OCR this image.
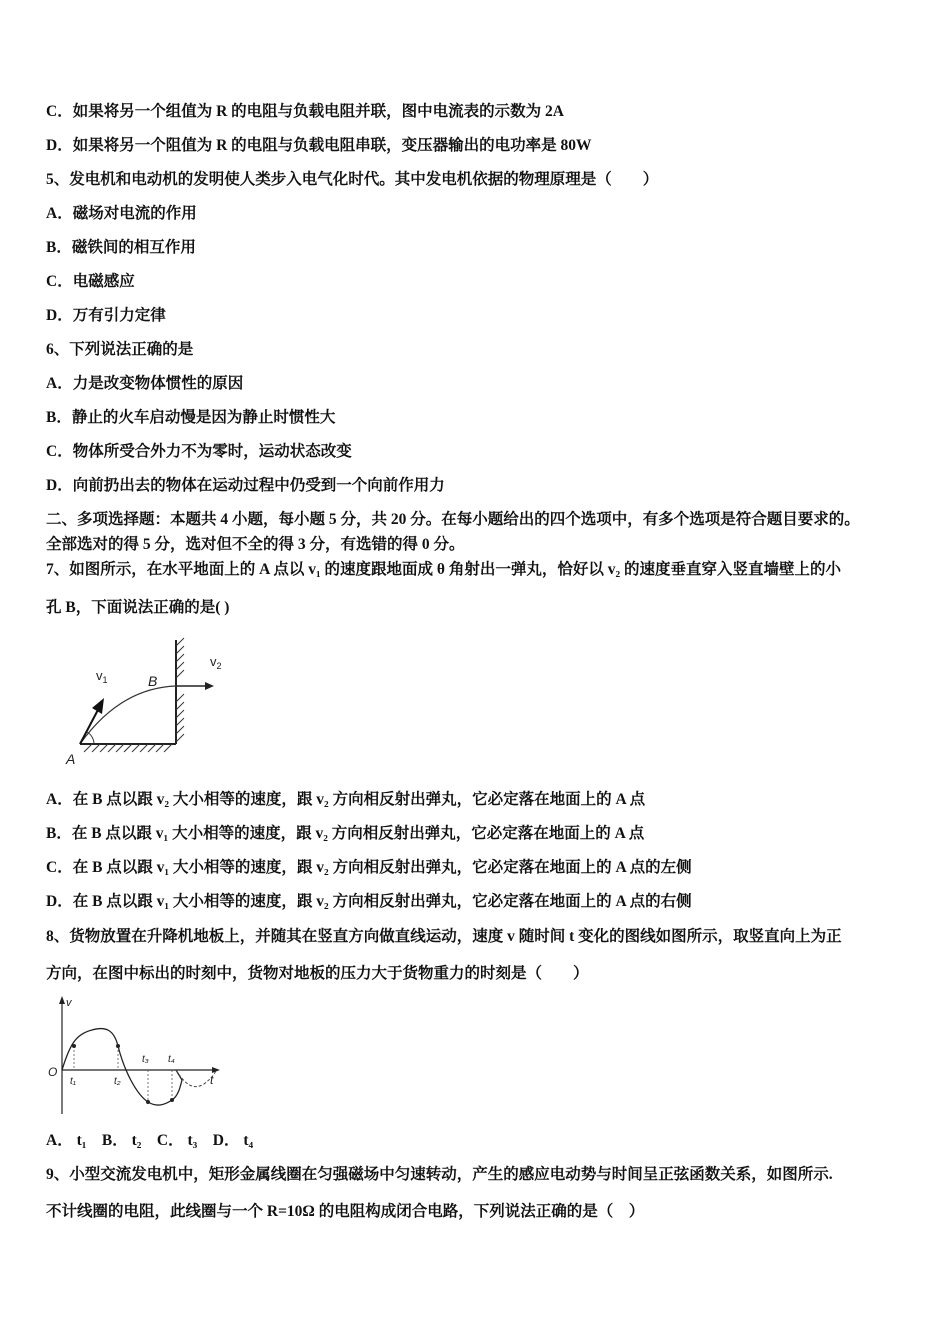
C．如果将另一个组值为 R 的电阻与负载电阻并联，图中电流表的示数为 2A
D．如果将另一个阻值为 R 的电阻与负载电阻串联，变压器输出的电功率是 80W
5、发电机和电动机的发明使人类步入电气化时代。其中发电机依据的物理原理是（　　）
A．磁场对电流的作用
B．磁铁间的相互作用
C．电磁感应
D．万有引力定律
6、下列说法正确的是
A．力是改变物体惯性的原因
B．静止的火车启动慢是因为静止时惯性大
C．物体所受合外力不为零时，运动状态改变
D．向前扔出去的物体在运动过程中仍受到一个向前作用力
二、多项选择题：本题共 4 小题，每小题 5 分，共 20 分。在每小题给出的四个选项中，有多个选项是符合题目要求的。
全部选对的得 5 分，选对但不全的得 3 分，有选错的得 0 分。
7、如图所示，在水平地面上的 A 点以 v₁ 的速度跟地面成 θ 角射出一弹丸，恰好以 v₂ 的速度垂直穿入竖直墙壁上的小
孔 B，下面说法正确的是( )
$v_1$
$v_2$
B
A
A．在 B 点以跟 v₂ 大小相等的速度，跟 v₂ 方向相反射出弹丸，它必定落在地面上的 A 点
B．在 B 点以跟 v₁ 大小相等的速度，跟 v₂ 方向相反射出弹丸，它必定落在地面上的 A 点
C．在 B 点以跟 v₁ 大小相等的速度，跟 v₂ 方向相反射出弹丸，它必定落在地面上的 A 点的左侧
D．在 B 点以跟 v₁ 大小相等的速度，跟 v₂ 方向相反射出弹丸，它必定落在地面上的 A 点的右侧
8、货物放置在升降机地板上，并随其在竖直方向做直线运动，速度 v 随时间 t 变化的图线如图所示，取竖直向上为正
方向，在图中标出的时刻中，货物对地板的压力大于货物重力的时刻是（　　）
v
O
t
t₁	t₂
t₃ t₄
A． t₁　B． t₂　C． t₃　D． t₄
9、小型交流发电机中，矩形金属线圈在匀强磁场中匀速转动，产生的感应电动势与时间呈正弦函数关系，如图所示.
不计线圈的电阻，此线圈与一个 R=10Ω 的电阻构成闭合电路，下列说法正确的是（　）
